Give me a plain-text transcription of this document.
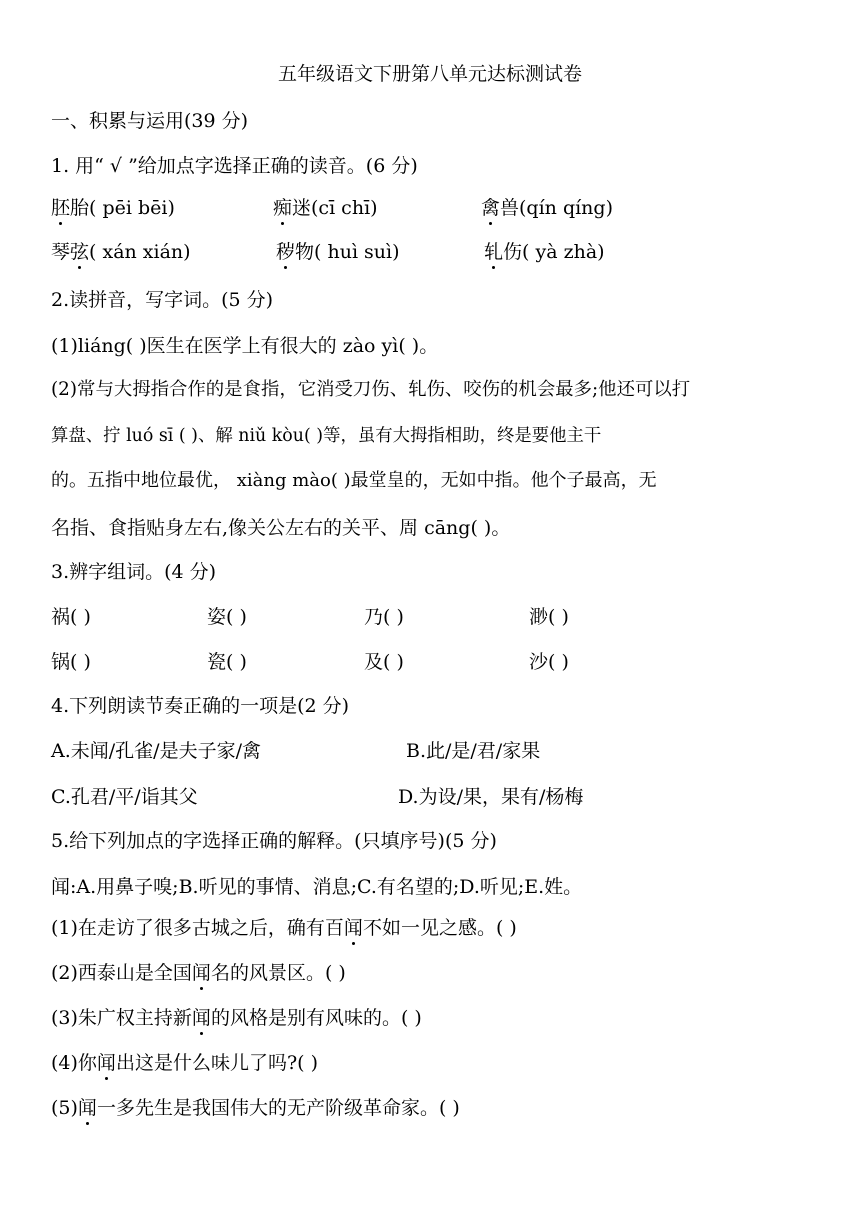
五年级语文下册第八单元达标测试卷
一、积累与运用(39 分)
1. 用“ √ ”给加点字选择正确的读音。(6 分)
胚胎( pēi bēi)	痴迷(cī chī)	禽兽(qín qíng)
琴弦( xán xián)	秽物( huì suì)	轧伤( yà zhà)
2.读拼音，写字词。(5 分)
(1)liáng( )医生在医学上有很大的 zào yì( )。
(2)常与大拇指合作的是食指，它消受刀伤、轧伤、咬伤的机会最多;他还可以打
算盘、拧 luó sī ( )、解 niǔ kòu( )等，虽有大拇指相助，终是要他主干
的。五指中地位最优， xiàng mào( )最堂皇的，无如中指。他个子最高，无
名指、食指贴身左右,像关公左右的关平、周 cāng( )。
3.辨字组词。(4 分)
祸( )	姿( )	乃( )	渺( )
锅( )	瓷( )	及( )	沙( )
4.下列朗读节奏正确的一项是(2 分)
A.未闻/孔雀/是夫子家/禽	B.此/是/君/家果
C.孔君/平/诣其父	D.为设/果，果有/杨梅
5.给下列加点的字选择正确的解释。(只填序号)(5 分)
闻:A.用鼻子嗅;B.听见的事情、消息;C.有名望的;D.听见;E.姓。
(1)在走访了很多古城之后，确有百闻不如一见之感。( )
(2)西泰山是全国闻名的风景区。( )
(3)朱广权主持新闻的风格是别有风味的。( )
(4)你闻出这是什么味儿了吗?( )
(5)闻一多先生是我国伟大的无产阶级革命家。( )
